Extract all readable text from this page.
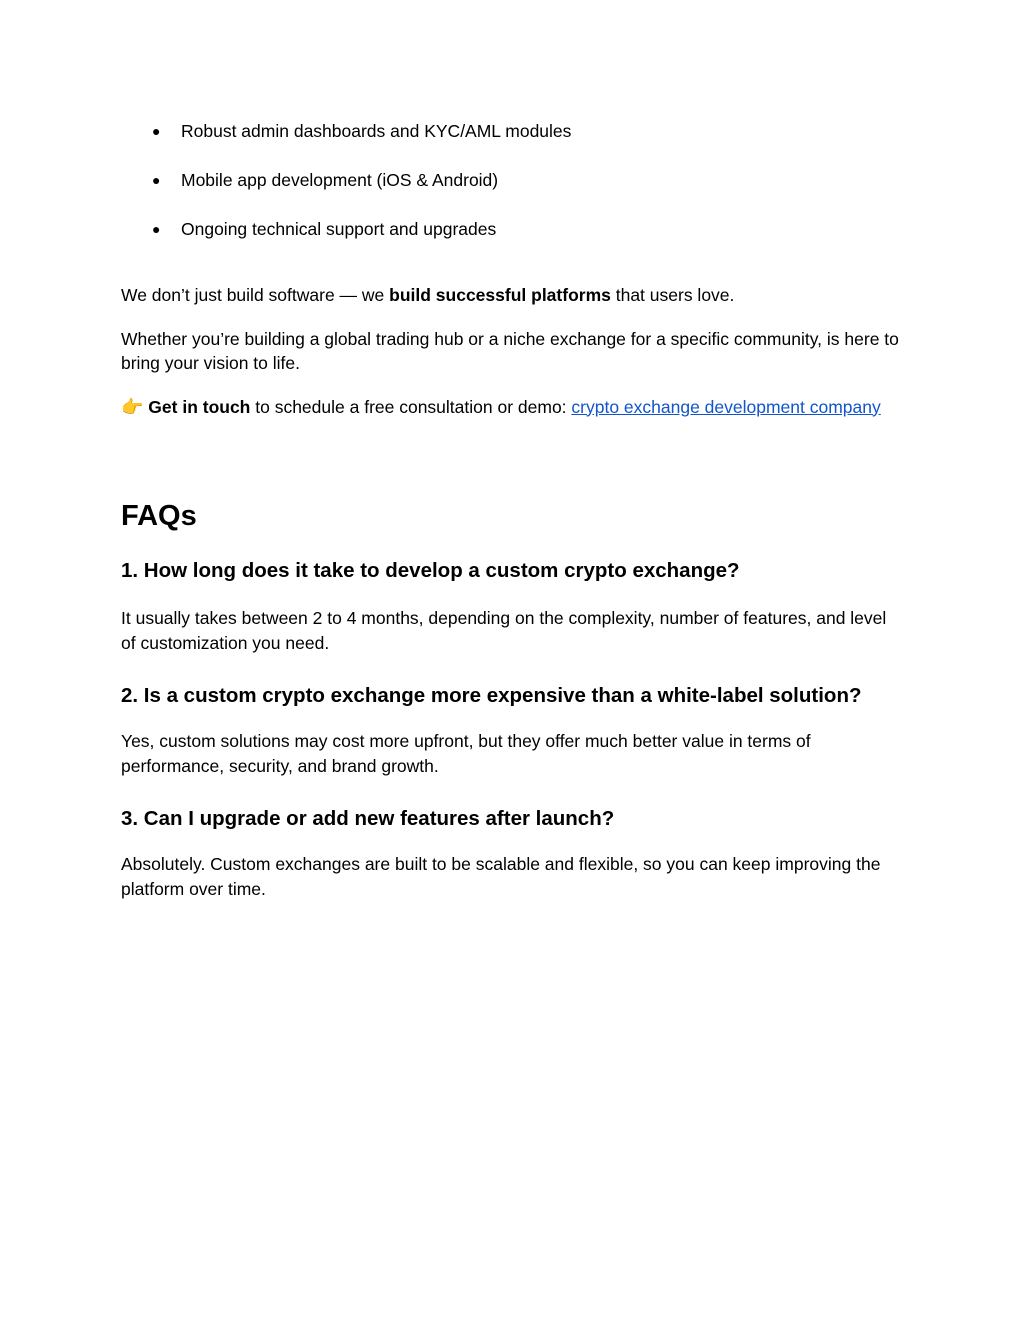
● Robust admin dashboards and KYC/AML modules
● Mobile app development (iOS & Android)
● Ongoing technical support and upgrades

We don’t just build software — we build successful platforms that users love.

Whether you’re building a global trading hub or a niche exchange for a specific community, is here to bring your vision to life.

👉 Get in touch to schedule a free consultation or demo: crypto exchange development company

FAQs
1. How long does it take to develop a custom crypto exchange?

It usually takes between 2 to 4 months, depending on the complexity, number of features, and level of customization you need.

2. Is a custom crypto exchange more expensive than a white-label solution?

Yes, custom solutions may cost more upfront, but they offer much better value in terms of performance, security, and brand growth.

3. Can I upgrade or add new features after launch?

Absolutely. Custom exchanges are built to be scalable and flexible, so you can keep improving the platform over time.
